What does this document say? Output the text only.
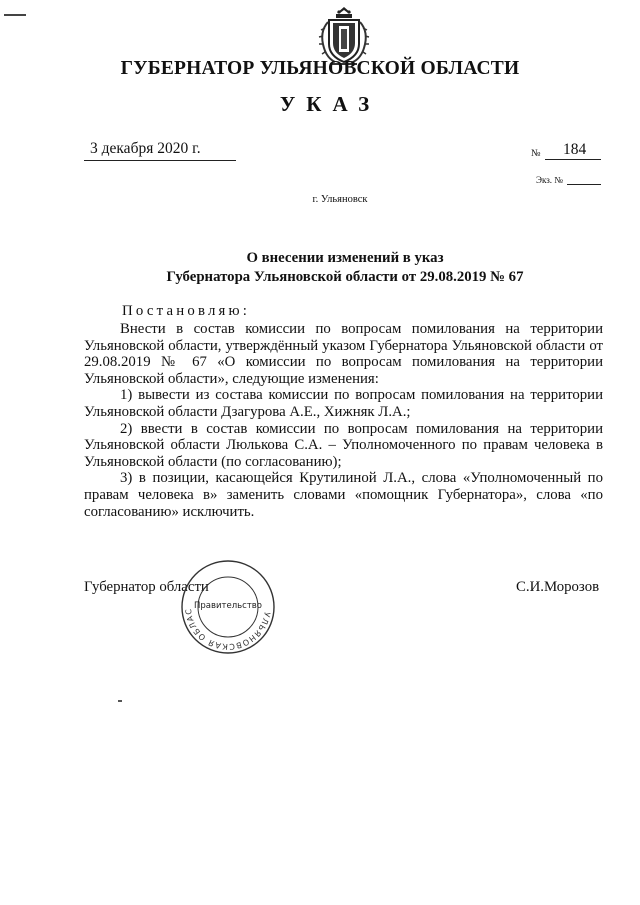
ГУБЕРНАТОР УЛЬЯНОВСКОЙ ОБЛАСТИ
УКАЗ
3 декабря 2020 г.	№ 184
Экз. №
г. Ульяновск
О внесении изменений в указ
Губернатора Ульяновской области от 29.08.2019 № 67
Постановляю:

Внести в состав комиссии по вопросам помилования на территории Ульяновской области, утверждённый указом Губернатора Ульяновской области от 29.08.2019 № 67 «О комиссии по вопросам помилования на территории Ульяновской области», следующие изменения:

1) вывести из состава комиссии по вопросам помилования на территории Ульяновской области Дзагурова А.Е., Хижняк Л.А.;

2) ввести в состав комиссии по вопросам помилования на территории Ульяновской области Люлькова С.А. – Уполномоченного по правам человека в Ульяновской области (по согласованию);

3) в позиции, касающейся Крутилиной Л.А., слова «Уполномоченный по правам человека в» заменить словами «помощник Губернатора», слова «по согласованию» исключить.

Губернатор области	С.И.Морозов
УЛЬЯНОВСКАЯ ОБЛАС
Правительство
